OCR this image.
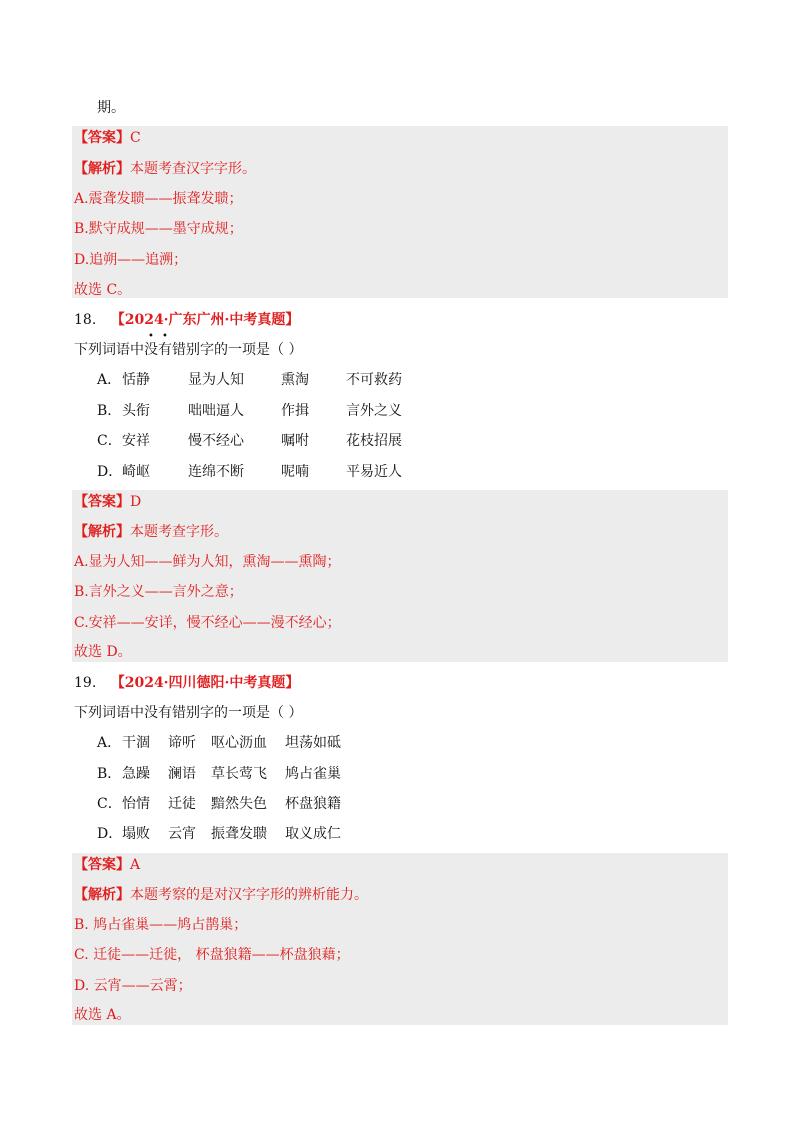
期。
【答案】C
【解析】本题考查汉字字形。
A.震聋发聩——振聋发聩；
B.默守成规——墨守成规；
D.追朔——追溯；
故选 C。
18. 【2024·广东广州·中考真题】
下列词语中没有错别字的一项是（ ）
A． 恬静	显为人知	熏淘	不可救药
B． 头衔	咄咄逼人	作揖	言外之义
C． 安祥	慢不经心	嘱咐	花枝招展
D． 崎岖	连绵不断	呢喃	平易近人
【答案】D
【解析】本题考查字形。
A.显为人知——鲜为人知，熏淘——熏陶；
B.言外之义——言外之意；
C.安祥——安详，慢不经心——漫不经心；
故选 D。
19. 【2024·四川德阳·中考真题】
下列词语中没有错别字的一项是（ ）
A． 干涸 谛听 呕心沥血 坦荡如砥
B． 急躁 澜语 草长莺飞 鸠占雀巢
C． 怡情 迁徒 黯然失色 杯盘狼籍
D． 塌败 云宵 振聋发聩 取义成仁
【答案】A
【解析】本题考察的是对汉字字形的辨析能力。
B. 鸠占雀巢——鸠占鹊巢；
C. 迁徒——迁徙， 杯盘狼籍——杯盘狼藉；
D. 云宵——云霄；
故选 A。
